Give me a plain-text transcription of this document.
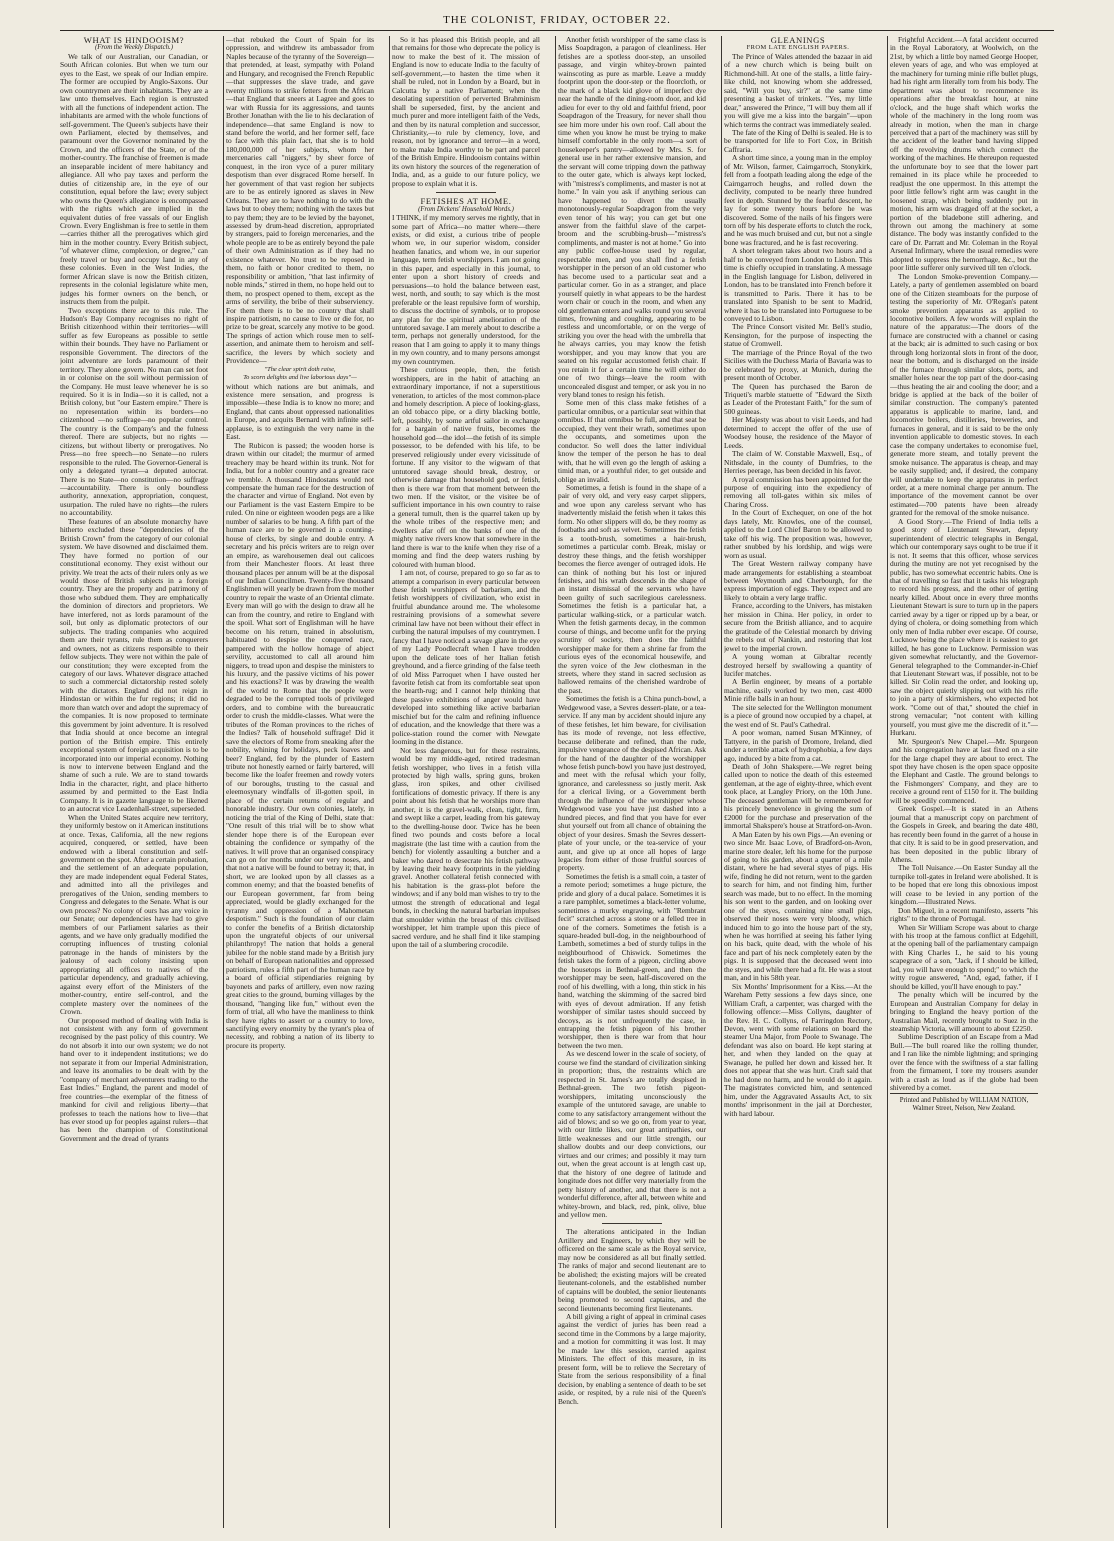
THE COLONIST, FRIDAY, OCTOBER 22.

WHAT IS HINDOOISM?

(From the Weekly Dispatch.)

We talk of our Australian, our Canadian, or South African colonies. But when we turn our eyes to the East, we speak of our Indian empire. The former are occupied by Anglo-Saxons. Our own countrymen are their inhabitants. They are a law unto themselves. Each region is entrusted with all the functions of independent action. The inhabitants are armed with the whole functions of self-government. The Queen's subjects have their own Parliament, elected by themselves, and paramount over the Governor nominated by the Crown, and the officers of the State, or of the mother-country. The franchise of freemen is made an inseparable incident of mere habitancy and allegiance. All who pay taxes and perform the duties of citizenship are, in the eye of our constitution, equal before the law; every subject who owns the Queen's allegiance is encompassed with the rights which are implied in the equivalent duties of free vassals of our English Crown. Every Englishman is free to settle in them —carries thither all the prerogatives which gird him in the mother country. Every British subject, "of whatever clime, complexion, or degree," can freely travel or buy and occupy land in any of these colonies. Even in the West Indies, the former African slave is now the British citizen, represents in the colonial legislature white men, judges his former owners on the bench, or instructs them from the pulpit.

Two exceptions there are to this rule. The Hudson's Bay Company recognises no right of British citizenhood within their territories—will suffer as few Europeans as possible to settle within their bounds. They have no Parliament or responsible Government. The directors of the joint adventure are lords paramount of their territory. They alone govern. No man can set foot in or colonise on the soil without permission of the Company. He must leave whenever he is so required. So it is in India—so it is called, not a British colony, but "our Eastern empire." There is no representation within its borders—no citizenhood —no suffrage—no popular control. The country is the Company's and the fulness thereof. There are subjects, but no rights —citizens, but without liberty or prerogatives. No Press—no free speech—no Senate—no rulers responsible to the ruled. The Governor-General is only a delegated tyrant—a deputed autocrat. There is no State—no constitution—no suffrage—accountability. There is only boundless authority, annexation, appropriation, conquest, usurpation. The ruled have no rights—the rulers no accountability.

These features of an absolute monarchy have hitherto excluded these "dependencies of the British Crown" from the category of our colonial system. We have disowned and disclaimed them. They have formed no portion of our constitutional economy. They exist without our privity. We treat the acts of their rulers only as we would those of British subjects in a foreign country. They are the property and patrimony of those who subdued them. They are emphatically the dominion of directors and proprietors. We have interfered, not as lords paramount of the soil, but only as diplomatic protectors of our subjects. The trading companies who acquired them are their tyrants, rule them as conquerers and owners, not as citizens responsible to their fellow subjects. They were not within the pale of our constitution; they were excepted from the category of our laws. Whatever disgrace attached to such a commercial dictatorship rested solely with the dictators. England did not reign in Hindostan or within the fur regions; it did no more than watch over and adopt the supremacy of the companies. It is now proposed to terminate this government by joint adventure. It is resolved that India should at once become an integral portion of the British empire. This entirely exceptional system of foreign acquisition is to be incorporated into our imperial economy. Nothing is now to intervene between England and the shame of such a rule. We are to stand towards India in the character, right, and place hitherto assumed by and permitted to the East India Company. It is in gazette language to be likened to an autocrat vice Leadenhall-street, superseded.

When the United States acquire new territory, they uniformly bestow on it American institutions at once. Texas, California, all the new regions acquired, conquered, or settled, have been endowed with a liberal constitution and self-government on the spot. After a certain probation, and the settlement of an adequate population, they are made independent equal Federal States, and admitted into all the privileges and prerogatives of the Union, sending members to Congress and delegates to the Senate. What is our own process? No colony of ours has any voice in our Senate; our dependencies have had to give members of our Parliament salaries as their agents, and we have only gradually modified the corrupting influences of trusting colonial patronage in the hands of ministers by the jealousy of each colony insisting upon appropriating all offices to natives of the particular dependency, and gradually achieving, against every effort of the Ministers of the mother-country, entire self-control, and the complete mastery over the nominees of the Crown.

Our proposed method of dealing with India is not consistent with any form of government recognised by the past policy of this country. We do not absorb it into our own system; we do not hand over to it independent institutions; we do not separate it from our Imperial Administration, and leave its anomalies to be dealt with by the "company of merchant adventurers trading to the East Indies." England, the parent and model of free countries—the exemplar of the fitness of mankind for civil and religious liberty—that professes to teach the nations how to live—that has ever stood up for peoples against rulers—that has been the champion of Constitutional Government and the dread of tyrants

—that rebuked the Court of Spain for its oppression, and withdrew its ambassador from Naples because of the tyranny of the Sovereign—that pretended, at least, sympathy with Poland and Hungary, and recognised the French Republic—that suppresses the slave trade, and gave twenty millions to strike fetters from the African—that England that sneers at Lagree and goes to war with Russia for its aggressions, and taunts Brother Jonathan with the lie to his declaration of independence—that same England is now to stand before the world, and her former self, face to face with this plain fact, that she is to hold 180,000,000 of her subjects, whom her mercenaries call "niggers," by sheer force of conquest, in the iron vyce of a purer military despotism than ever disgraced Rome herself. In her government of that vast region her subjects are to be as entirely ignored as slaves in New Orleans. They are to have nothing to do with the laws but to obey them; nothing with the taxes but to pay them; they are to be levied by the bayonet, assessed by drum-head discretion, appropriated by strangers, paid to foreign mercenaries, and the whole people are to be as entirely beyond the pale of their own Administration as if they had no existence whatever. No trust to be reposed in them, no faith or honor credited to them, no responsibility or ambition, "that last infirmity of noble minds," stirred in them, no hope held out to them, no prospect opened to them, except as the arms of servility, the bribe of their subserviency. For them there is to be no country that shall inspire patriotism, no cause to live or die for, no prize to be great, scarcely any motive to be good. The springs of action which rouse men to self-assertion, and animate them to heroism and self-sacrifice, the levers by which society and Providence—

"The clear spirit doth raise,

To scorn delights and live laborious days"—

without which nations are but animals, and existence mere sensation, and progress is impossible—these India is to know no more; and England, that cants about oppressed nationalities in Europe, and acquits Bernard with infinite self-applause, is to extinguish the very name in the East.

The Rubicon is passed; the wooden horse is drawn within our citadel; the murmur of armed treachery may be heard within its trunk. Not for India, but for a nobler country and a greater race we tremble. A thousand Hindostans would not compensate the human race for the destruction of the character and virtue of England. Not even by our Parliament is the vast Eastern Empire to be ruled. On nine or eighteen wooden pegs are a like number of salaries to be hung. A fifth part of the human race are to be governed in a counting-house of clerks, by single and double entry. A secretary and his précis writers are to reign over an empire, as warehousemen deal out calicoes from their Manchester floors. At least three thousand places per annum will be at the disposal of our Indian Councilmen. Twenty-five thousand Englishmen will yearly be drawn from the mother country to repair the waste of an Oriental climate. Every man will go with the design to draw all he can from the country, and retire to England with the spoil. What sort of Englishman will he have become on his return, trained in absolutism, habituated to despise the conquered race, pampered with the hollow homage of abject servility, accustomed to call all around him niggers, to tread upon and despise the ministers to his luxury, and the passive victims of his power and his exactions? It was by drawing the wealth of the world to Rome that the people were degraded to be the corrupted tools of privileged orders, and to combine with the bureaucratic order to crush the middle-classes. What were the tributes of the Roman provinces to the riches of the Indies? Talk of household suffrage! Did it save the electors of Rome from sneaking after the nobility, whining for holidays, peck loaves and beer? England, fed by the plunder of Eastern tribute not honestly earned or fairly bartered, will become like the loafer freemen and rowdy voters of our boroughs, trusting to the casual and eleemosynary windfalls of ill-gotten spoil, in place of the certain returns of regular and honorable industry. Our own colonies, lately, in noticing the trial of the King of Delhi, state that: "One result of this trial will be to show what slender hope there is of the European ever obtaining the confidence or sympathy of the natives. It will prove that an organised conspiracy can go on for months under our very noses, and that not a native will be found to betray it; that, in short, we are looked upon by all classes as a common enemy; and that the boasted benefits of our European government, far from being appreciated, would be gladly exchanged for the tyranny and oppression of a Mahometan despotism." Such is the foundation of our claim to confer the benefits of a British dictatorship upon the ungrateful objects of our universal philanthropy! The nation that holds a general jubilee for the noble stand made by a British jury on behalf of European nationalities and oppressed patriotism, rules a fifth part of the human race by a board of official stipendiaries reigning by bayonets and parks of artillery, even now razing great cities to the ground, burning villages by the thousand, "hanging like fun," without even the form of trial, all who have the manliness to think they have rights to assert or a country to love, sanctifying every enormity by the tyrant's plea of necessity, and robbing a nation of its liberty to procure its property.

So it has pleased this British people, and all that remains for those who deprecate the policy is now to make the best of it. The mission of England is now to educate India to the faculty of self-government,—to hasten the time when it shall be ruled, not in London by a Board, but in Calcutta by a native Parliament; when the desolating superstition of perverted Brahminism shall be superseded, first, by the ancient and much purer and more intelligent faith of the Veds, and then by its natural completion and successor, Christianity,—to rule by clemency, love, and reason, not by ignorance and terror—in a word, to make make India worthy to be part and parcel of the British Empire. Hindooism contains within its own history the sources of the regeneration of India, and, as a guide to our future policy, we propose to explain what it is.

FETISHES AT HOME.

(From Dickens' Household Words.)

I THINK, if my memory serves me rightly, that in some part of Africa—no matter where—there exists, or did exist, a curious tribe of people whom we, in our superior wisdom, consider heathen fanatics, and whom we, in our superior language, term fetish worshippers. I am not going in this paper, and especially in this journal, to enter upon a short history of creeds and persuasions—to hold the balance between east, west, north, and south; to say which is the most preferable or the least repulsive form of worship, to discuss the doctrine of symbols, or to propose any plan for the spiritual amelioration of the untutored savage. I am merely about to describe a term, perhaps not generally understood, for the reason that I am going to apply it to many things in my own country, and to many persons amongst my own countrymen.

These curious people, then, the fetish worshippers, are in the habit of attaching an extraordinary importance, if not a superstitious veneration, to articles of the most common-place and homely description. A piece of looking-glass, an old tobacco pipe, or a dirty blacking bottle, left, possibly, by some artful sailor in exchange for a bargain of native fruits, becomes the household god—the idol—the fetish of its simple possessor, to be defended with his life, to be preserved religiously under every vicissitude of fortune. If any visitor to the wigwam of that untutored savage should break, destroy, or otherwise damage that household god, or fetish, then is there war from that moment between the two men. If the visitor, or the visitee be of sufficient importance in his own country to raise a general tumult, then is the quarrel taken up by the whole tribes of the respective men; and dwellers afar off on the banks of one of the mighty native rivers know that somewhere in the land there is war to the knife when they rise of a morning and find the deep waters rushing by coloured with human blood.

I am not, of course, prepared to go so far as to attempt a comparison in every particular between these fetish worshippers of barbarism, and the fetish worshippers of civilization, who exist in fruitful abundance around me. The wholesome restraining provisions of a somewhat severe criminal law have not been without their effect in curbing the natural impulses of my countrymen. I fancy that I have noticed a savage glare in the eye of my Lady Poodlecraft when I have trodden upon the delicate toes of her Italian fetish greyhound, and a fierce grinding of the false teeth of old Miss Parroquet when I have ousted her favorite fetish cat from its comfortable seat upon the hearth-rug; and I cannot help thinking that these passive exhibitions of anger would have developed into something like active barbarian mischief but for the calm and refining influence of education, and the knowledge that there was a police-station round the corner with Newgate looming in the distance.

Not less dangerous, but for these restraints, would be my middle-aged, retired tradesman fetish worshipper, who lives in a fetish villa protected by high walls, spring guns, broken glass, iron spikes, and other civilised fortifications of domestic privacy. If there is any point about his fetish that he worships more than another, it is the gravel-walk, clean, tight, firm, and swept like a carpet, leading from his gateway to the dwelling-house door. Twice has he been fined two pounds and costs before a local magistrate (the last time with a caution from the bench) for violently assaulting a butcher and a baker who dared to desecrate his fetish pathway by leaving their heavy footprints in the yielding gravel. Another collateral fetish connected with his habitation is the grass-plot before the windows; and if any bold man wishes to try to the utmost the strength of educational and legal bonds, in checking the natural barbarian impulses that smoulder within the breast of this civilised worshipper, let him trample upon this piece of sacred verdure, and he shall find it like stamping upon the tail of a slumbering crocodile.

Another fetish worshipper of the same class is Miss Soapdragon, a paragon of cleanliness. Her fetishes are a spotless door-step, an unsoiled passage, and virgin whitey-brown painted wainscoting as pure as marble. Leave a muddy footprint upon the door-step or the floorcloth, or the mark of a black kid glove of imperfect dye near the handle of the dining-room door, and kid adieu for ever to thy old and faithful friend, poor Soapdragon of the Treasury, for never shall thou see him more under his own roof. Call about the time when you know he must be trying to make himself comfortable in the only room—a sort of housekeeper's pantry—allowed by Mrs. S. for general use in her rather extensive mansion, and the servant will come tripping down the pathway to the outer gate, which is always kept locked, with "mistress's compliments, and master is not at home." In vain you ask if anything serious can have happened to divert the usually monotonously-regular Soapdragon from the very even tenor of his way; you can get but one answer from the faithful slave of the carpet-broom and the scrubbing-brush—"mistress's compliments, and master is not at home." Go into any public coffee-house used by regular, respectable men, and you shall find a fetish worshipper in the person of an old customer who has become used to a particular seat and a particular corner. Go in as a stranger, and place yourself quietly in what appears to be the hardest worn chair or couch in the room, and when any old gentleman enters and walks round you several times, frowning and coughing, appearing to be restless and uncomfortable, or on the verge of striking you over the head with the umbrella that he always carries, you may know the fetish worshipper, and you may know that you are seated on his regular accustomed fetish chair. If you retain it for a certain time he will either do one of two things—leave the room with unconcealed disgust and temper, or ask you in no very bland tones to resign his fetish.

Some men of this class make fetishes of a particular omnibus, or a particular seat within that omnibus. If that omnibus be full, and that seat be occupied, they vent their wrath, sometimes upon the occupants, and sometimes upon the conductor. So well does the latter individual know the temper of the person he has to deal with, that he will even go the length of asking a timid man, or a youthful rider, to get outside and oblige an invalid.

Sometimes, a fetish is found in the shape of a pair of very old, and very easy carpet slippers, and woe upon any careless servant who has inadvertently mislaid the fetish when it takes this form. No other slippers will do, be they roomy as footbaths and soft as velvet. Sometimes the fetish is a tooth-brush, sometimes a hair-brush, sometimes a particular comb. Break, mislay or destroy these things, and the fetish worshipper becomes the fierce avenger of outraged idols. He can think of nothing but his lost or injured fetishes, and his wrath descends in the shape of an instant dismissal of the servants who have been guilty of such sacrilegious carelessness. Sometimes the fetish is a particular hat, a particular walking-stick, or a particular watch. When the fetish garments decay, in the common course of things, and become unfit for the prying scrutiny of society, then does the faithful worshipper make for them a shrine far from the curious eyes of the economical housewife, and the syren voice of the Jew clothesman in the streets, where they stand in sacred seclusion as hallowed remains of the cherished wardrobe of the past.

Sometimes the fetish is a China punch-bowl, a Wedgewood vase, a Sevres dessert-plate, or a tea-service. If any man by accident should injure any of these fetishes, let him beware, for civilisation has its mode of revenge, not less effective, because deliberate and refined, than the rude, impulsive vengeance of the despised African. Ask for the hand of the daughter of the worshipper whose fetish punch-bowl you have just destroyed, and meet with the refusal which your folly, ignorance, and carelessness so justly merit. Ask for a clerical living, or a Government berth through the influence of the worshipper whose Wedgewood vase you have just dashed into a hundred pieces, and find that you have for ever shut yourself out from all chance of obtaining the object of your desires. Smash the Sevres dessert-plate of your uncle, or the tea-service of your aunt, and give up at once all hopes of large legacies from either of those fruitful sources of property.

Sometimes the fetish is a small coin, a taster of a remote period; sometimes a huge picture, the pride and glory of a ducal palace. Sometimes it is a rare pamphlet, sometimes a black-letter volume, sometimes a murky engraving, with "Rembrant fecit" scratched across a stone or a felled tree in one of the corners. Sometimes the fetish is a square-headed bull-dog, in the neighbourhood of Lambeth, sometimes a bed of sturdy tulips in the neighbourhood of Chiswick. Sometimes the fetish takes the form of a pigeon, circling above the housetops in Bethnal-green, and then the worshipper may be seen, half-discovered on the roof of his dwelling, with a long, thin stick in his hand, watching the skimming of the sacred bird with eyes of devout admiration. If any fetish worshipper of similar tastes should succeed by decoys, as is not unfrequently the case, in entrapping the fetish pigeon of his brother worshipper, then is there war from that hour between the two men.

As we descend lower in the scale of society, of course we find the standard of civilization sinking in proportion; thus, the restraints which are respected in St. James's are totally despised in Bethnal-green. The two fetish pigeon-worshippers, imitating unconsciously the example of the untutored savage, are unable to come to any satisfactory arrangement without the aid of blows; and so we go on, from year to year, with our little likes, our great antipathies, our little weaknesses and our little strength, our shallow doubts and our deep convictions, our virtues and our crimes; and possibly it may turn out, when the great account is at length cast up, that the history of one degree of latitude and longitude does not differ very materially from the petty history of another, and that there is not a wonderful difference, after all, between white and whitey-brown, and black, red, pink, olive, blue and yellow men.

The alterations anticipated in the Indian Artillery and Engineers, by which they will be officered on the same scale as the Royal service, may now be considered as all but finally settled. The ranks of major and second lieutenant are to be abolished; the existing majors will be created lieutenant-colonels, and the established number of captains will be doubled, the senior lieutenants being promoted to second captains, and the second lieutenants becoming first lieutenants.

A bill giving a right of appeal in criminal cases against the verdict of juries has been read a second time in the Commons by a large majority, and a motion for committing it was lost. It may be made law this session, carried against Ministers. The effect of this measure, in its present form, will be to relieve the Secretary of State from the serious responsibility of a final decision, by enabling a sentence of death to be set aside, or respited, by a rule nisi of the Queen's Bench.

GLEANINGS

FROM LATE ENGLISH PAPERS.

The Prince of Wales attended the bazaar in aid of a new church which is being built on Richmond-hill. At one of the stalls, a little fairy-like child, not knowing whom she addressed, said, "Will you buy, sir?" at the same time presenting a basket of trinkets. "Yes, my little dear," answered the Prince, "I will buy them all if you will give me a kiss into the bargain"—upon which terms the contract was immediately sealed.

The fate of the King of Delhi is sealed. He is to be transported for life to Fort Cox, in British Caffraria.

A short time since, a young man in the employ of Mr. Wilson, farmer, Cairngarroch, Stonykirk, fell from a footpath leading along the edge of the Cairngarroch heughs, and rolled down the declivity, computed to be nearly three hundred feet in depth. Stunned by the fearful descent, he lay for some twenty hours before he was discovered. Some of the nails of his fingers were torn off by his desperate efforts to clutch the rock, and he was much bruised and cut, but not a single bone was fractured, and he is fast recovering.

A short telegram takes about two hours and a half to be conveyed from London to Lisbon. This time is chiefly occupied in translating. A message in the English language for Lisbon, delivered in London, has to be translated into French before it is transmitted to Paris. There it has to be translated into Spanish to be sent to Madrid, where it has to be translated into Portuguese to be conveyed to Lisbon.

The Prince Consort visited Mr. Bell's studio, Kensington, for the purpose of inspecting the statue of Cromwell.

The marriage of the Prince Royal of the two Sicilies with the Duchess Maria of Bavaria was to be celebrated by proxy, at Munich, during the present month of October.

The Queen has purchased the Baron de Triqueti's marble statuette of "Edward the Sixth as Leader of the Protestant Faith," for the sum of 500 guineas.

Her Majesty was about to visit Leeds, and had determined to accept the offer of the use of Woodsey house, the residence of the Mayor of Leeds.

The claim of W. Constable Maxwell, Esq., of Nithsdale, in the county of Dumfries, to the Herries peerage, has been decided in his favor.

A royal commission has been appointed for the purpose of enquiring into the expediency of removing all toll-gates within six miles of Charing Cross.

In the Court of Exchequer, on one of the hot days lately, Mr. Knowles, one of the counsel, applied to the Lord Chief Baron to be allowed to take off his wig. The proposition was, however, rather snubbed by his lordship, and wigs were worn as usual.

The Great Western railway company have made arrangements for establishing a steamboat between Weymouth and Cherbourgh, for the express importation of eggs. They expect and are likely to obtain a very large traffic.

France, according to the Univers, has mistaken her mission in China. Her policy, in order to secure from the British alliance, and to acquire the gratitude of the Celestial monarch by driving the rebels out of Nankin, and restoring that lost jewel to the imperial crown.

A young woman at Gibraltar recently destroyed herself by swallowing a quantity of lucifer matches.

A Berlin engineer, by means of a portable machine, easily worked by two men, cast 4000 Minie rifle balls in an hour.

The site selected for the Wellington monument is a piece of ground now occupied by a chapel, at the west end of St. Paul's Cathedral.

A poor woman, named Susan M'Kinney, of Tattyere, in the parish of Dromore, Ireland, died under a terrible attack of hydrophobia, a few days ago, induced by a bite from a cat.

Death of John Shakspere.—We regret being called upon to notice the death of this esteemed gentleman, at the age of eighty-three, which event took place, at Langley Priory, on the 10th June. The deceased gentleman will be remembered for his princely benevolence in giving the sum of £2000 for the purchase and preservation of the immortal Shakspere's house at Stratford-on-Avon.

A Man Eaten by his own Pigs.—An evening or two since Mr. Isaac Love, of Bradford-on-Avon, marine store dealer, left his home for the purpose of going to his garden, about a quarter of a mile distant, where he had several styes of pigs. His wife, finding he did not return, went to the garden to search for him, and not finding him, further search was made, but to no effect. In the morning his son went to the garden, and on looking over one of the styes, containing nine small pigs, observed their noses were very bloody, which induced him to go into the house part of the sty, when he was horrified at seeing his father lying on his back, quite dead, with the whole of his face and part of his neck completely eaten by the pigs. It is supposed that the deceased went into the styes, and while there had a fit. He was a stout man, and in his 58th year.

Six Months' Imprisonment for a Kiss.—At the Wareham Petty sessions a few days since, one William Craft, a carpenter, was charged with the following offence:—Miss Collyns, daughter of the Rev. H. C. Collyns, of Farringdon Rectory, Devon, went with some relations on board the steamer Una Major, from Poole to Swanage. The defendant was also on board. He kept staring at her, and when they landed on the quay at Swanage, he pulled her down and kissed her. It does not appear that she was hurt. Craft said that he had done no harm, and he would do it again. The magistrates convicted him, and sentenced him, under the Aggravated Assaults Act, to six months' imprisonment in the jail at Dorchester, with hard labour.

Frightful Accident.—A fatal accident occurred in the Royal Laboratory, at Woolwich, on the 21st, by which a little boy named George Hooper, eleven years of age, and who was employed at the machinery for turning minie rifle bullet plugs, had his right arm literally torn from his body. The department was about to recommence its operations after the breakfast hour, at nine o'clock, and the huge shaft which works the whole of the machinery in the long room was already in motion, when the man in charge perceived that a part of the machinery was still by the accident of the leather band having slipped off the revolving drums which connect the working of the machines. He thereupon requested the unfortunate boy to see that the lower part remained in its place while he proceeded to readjust the one uppermost. In this attempt the poor little fellow's right arm was caught in the loosened strap, which being suddenly put in motion, his arm was dragged off at the socket, a portion of the bladebone still adhering, and thrown out among the machinery at some distance. The body was instantly confided to the care of Dr. Parratt and Mr. Coleman in the Royal Arsenal Infirmary, where the usual remedies were adopted to suppress the hemorrhage, &c., but the poor little sufferer only survived till ten o'clock.

The London Smoke-prevention Company.—Lately, a party of gentlemen assembled on board one of the Citizen steamboats for the purpose of testing the superiority of Mr. O'Regan's patent smoke prevention apparatus as applied to locomotive boilers. A few words will explain the nature of the apparatus:—The doors of the furnace are constructed with a channel or casing at the back; air is admitted to such casing or box through long horizontal slots in front of the door, near the bottom, and is discharged on the inside of the furnace through similar slots, ports, and smaller holes near the top part of the door-casing—thus heating the air and cooling the door; and a bridge is applied at the back of the boiler of similar construction. The company's patented apparatus is applicable to marine, land, and locomotive boilers, distilleries, breweries, and furnaces in general, and it is said to be the only invention applicable to domestic stoves. In each case the company undertakes to economise fuel, generate more steam, and totally prevent the smoke nuisance. The apparatus is cheap, and may be easily supplied; and, if desired, the company will undertake to keep the apparatus in perfect order, at a mere nominal charge per annum. The importance of the movement cannot be over estimated—700 patents have been already granted for the removal of the smoke nuisance.

A Good Story.—The Friend of India tells a good story of Lieutenant Stewart, deputy superintendent of electric telegraphs in Bengal, which our contemporary says ought to be true if it is not. It seems that this officer, whose services during the mutiny are not yet recognised by the public, has two somewhat eccentric habits. One is that of travelling so fast that it tasks his telegraph to record his progress, and the other of getting nearly killed. About once in every three months Lieutenant Stewart is sure to turn up in the papers carried away by a tiger or ripped up by a bear, or dying of cholera, or doing something from which only men of India rubber ever escape. Of course, Lucknow being the place where it is easiest to get killed, he has gone to Lucknow. Permission was given somewhat reluctantly, and the Governor-General telegraphed to the Commander-in-Chief that Lieutenant Stewart was, if possible, not to be killed. Sir Colin read the order, and looking up, saw the object quietly slipping out with his rifle to join a party of skirmishers, who expected hot work. "Come out of that," shouted the chief in strong vernacular; "not content with killing yourself, you must give me the discredit of it."—Hurkaru.

Mr. Spurgeon's New Chapel.—Mr. Spurgeon and his congregation have at last fixed on a site for the large chapel they are about to erect. The spot they have chosen is the open space opposite the Elephant and Castle. The ground belongs to the Fishmongers' Company, and they are to receive a ground rent of £150 for it. The building will be speedily commenced.

Greek Gospel.—It is stated in an Athens journal that a manuscript copy on parchment of the Gospels in Greek, and bearing the date 480, has recently been found in the garret of a house in that city. It is said to be in good preservation, and has been deposited in the public library of Athens.

The Toll Nuisance.—On Easter Sunday all the turnpike toll-gates in Ireland were abolished. It is to be hoped that ere long this obnoxious impost will cease to be levied in any portion of the kingdom.—Illustrated News.

Don Miguel, in a recent manifesto, asserts "his rights" to the throne of Portugal.

When Sir William Scrope was about to charge with his troop at the famous conflict at Edgehill, at the opening ball of the parliamentary campaign with King Charles I., he said to his young scapegrace of a son, "Jack, if I should be killed, lad, you will have enough to spend;" to which the witty rogue answered, "And, egad, father, if I should be killed, you'll have enough to pay."

The penalty which will be incurred by the European and Australian Company for delay in bringing to England the heavy portion of the Australian Mail, recently brought to Suez in the steamship Victoria, will amount to about £2250.

Sublime Description of an Escape from a Mad Bull.—The bull roared like the rolling thunder, and I ran like the nimble lightning; and springing over the fence with the swiftness of a star falling from the firmament, I tore my trousers asunder with a crash as loud as if the globe had been shivered by a comet.

Printed and Published by WILLIAM NATION, Walmer Street, Nelson, New Zealand.
